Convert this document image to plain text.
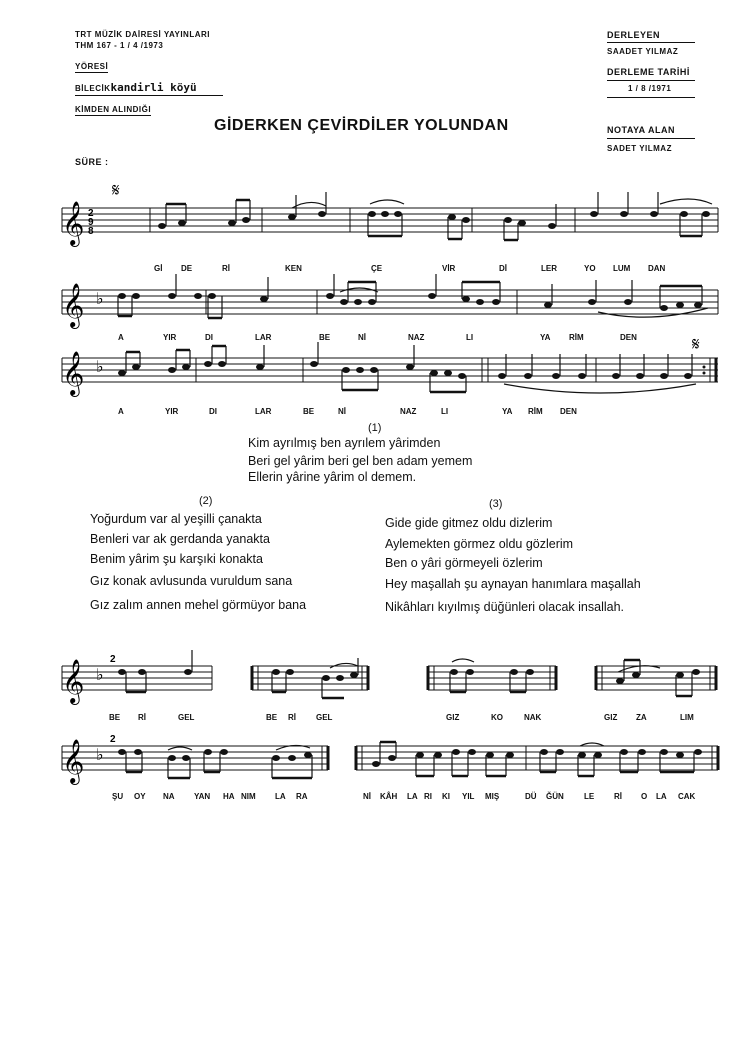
TRT MÜZİK DAİRESİ YAYINLARI
THM 167 - 1 / 4 /1973
YÖRESİ
BİLECİKkandirli köyü
KİMDEN ALINDIĞI
DERLEYEN
SAADET YILMAZ
DERLEME TARİHİ
1 / 8 /1971
NOTAYA ALAN
SADET YILMAZ
GİDERKEN ÇEVİRDİLER YOLUNDAN
SÜRE :
𝄞
𝄋
2
9
8
Gİ DE	Rİ	KEN	ÇE	VİR	Dİ	LER	YO LUM DAN
𝄞 ♭
A	YIR	DI	LAR	BE	Nİ	NAZ	LI	YA RİM	DEN
𝄞 ♭
𝄋
A	YIR	DI	LAR	BE	Nİ	NAZ	LI	YA RİM DEN
(1)
Kim ayrılmış ben ayrılem yârimden
Beri gel yârim beri gel ben adam yemem
Ellerin yârine yârim ol demem.
(2)
Yoğurdum var al yeşilli çanakta
Benleri var ak gerdanda yanakta
Benim yârim şu karşıki konakta
Gız konak avlusunda vuruldum sana
Gız zalım annen mehel görmüyor bana
(3)
Gide gide gitmez oldu dizlerim
Aylemekten görmez oldu gözlerim
Ben o yâri görmeyeli özlerim
Hey maşallah şu aynayan hanımlara maşallah
Nikâhları kıyılmış düğünleri olacak insallah.
𝄞 ♭
2
BE Rİ	GEL	BE Rİ	GEL	GIZ	KO	NAK	GIZ ZA	LIM
𝄞 ♭
2
ŞU OY NA YAN HA NIM LA RA	Nİ KÂH LA RI KI YIL MIŞ	DÜ ĞÜN	LE Rİ O LA CAK
